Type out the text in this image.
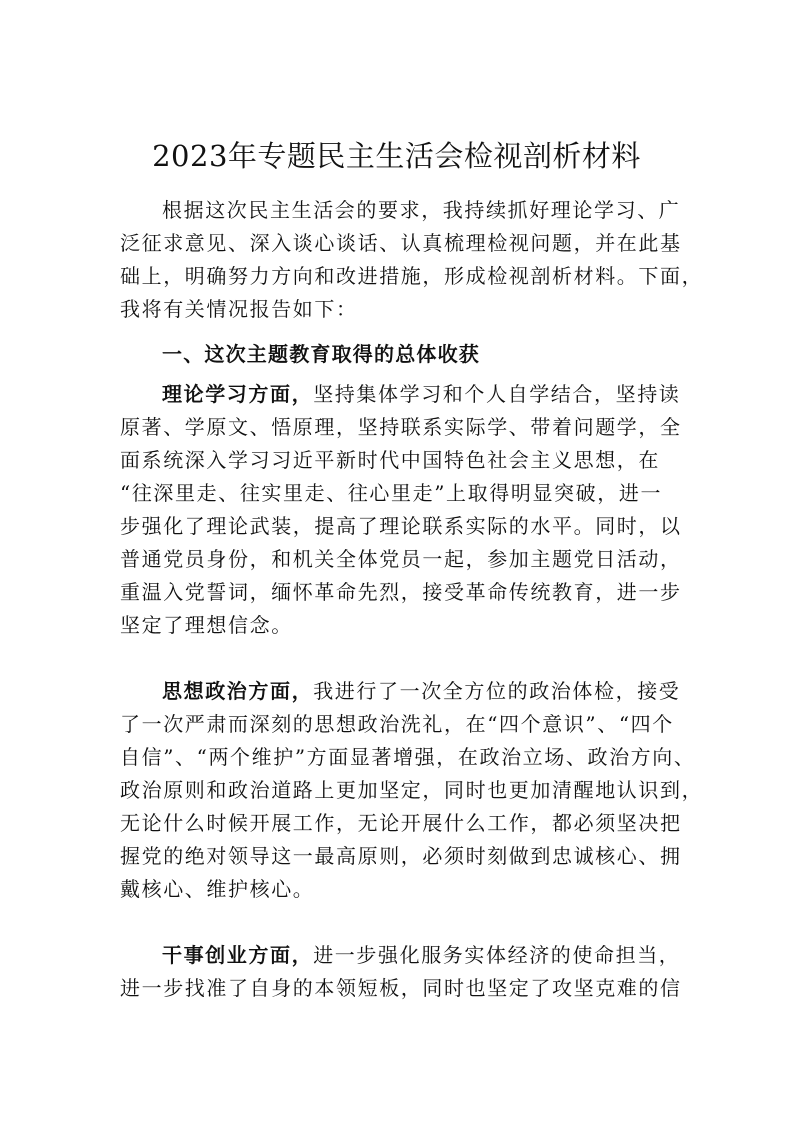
2023年专题民主生活会检视剖析材料
根据这次民主生活会的要求，我持续抓好理论学习、广
泛征求意见、深入谈心谈话、认真梳理检视问题，并在此基
础上，明确努力方向和改进措施，形成检视剖析材料。下面，
我将有关情况报告如下：
一、这次主题教育取得的总体收获
理论学习方面，坚持集体学习和个人自学结合，坚持读
原著、学原文、悟原理，坚持联系实际学、带着问题学，全
面系统深入学习习近平新时代中国特色社会主义思想，在
“往深里走、往实里走、往心里走”上取得明显突破，进一
步强化了理论武装，提高了理论联系实际的水平。同时，以
普通党员身份，和机关全体党员一起，参加主题党日活动，
重温入党誓词，缅怀革命先烈，接受革命传统教育，进一步
坚定了理想信念。
思想政治方面，我进行了一次全方位的政治体检，接受
了一次严肃而深刻的思想政治洗礼，在“四个意识”、“四个
自信”、“两个维护”方面显著增强，在政治立场、政治方向、
政治原则和政治道路上更加坚定，同时也更加清醒地认识到，
无论什么时候开展工作，无论开展什么工作，都必须坚决把
握党的绝对领导这一最高原则，必须时刻做到忠诚核心、拥
戴核心、维护核心。
干事创业方面，进一步强化服务实体经济的使命担当，
进一步找准了自身的本领短板，同时也坚定了攻坚克难的信
